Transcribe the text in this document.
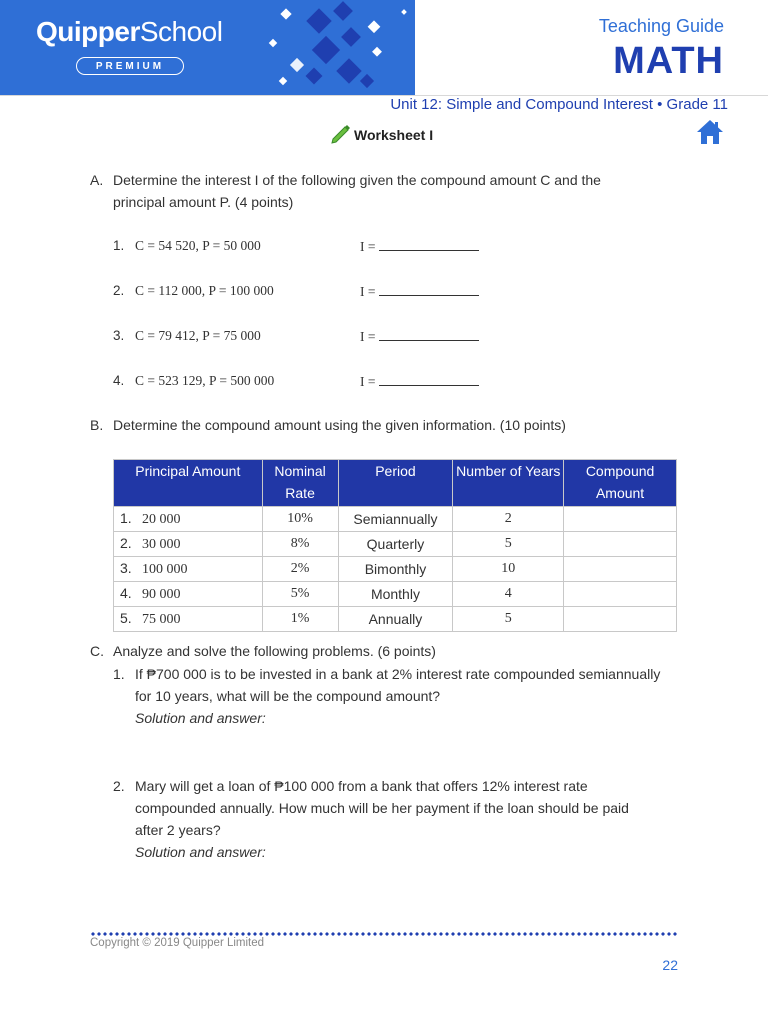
QuipperSchool
PREMIUM
Teaching Guide
MATH
Unit 12: Simple and Compound Interest • Grade 11
Worksheet I
A. Determine the interest I of the following given the compound amount C and the principal amount P. (4 points)
1. C = 54 520, P = 50 000	I =
2. C = 112 000, P = 100 000	I =
3. C = 79 412, P = 75 000	I =
4. C = 523 129, P = 500 000	I =
B. Determine the compound amount using the given information. (10 points)
Principal Amount	Nominal Rate	Period	Number of Years	Compound Amount
1. 20 000	10%	Semiannually	2	
2. 30 000	8%	Quarterly	5	
3. 100 000	2%	Bimonthly	10	
4. 90 000	5%	Monthly	4	
5. 75 000	1%	Annually	5	
C. Analyze and solve the following problems. (6 points)
1. If ₱700 000 is to be invested in a bank at 2% interest rate compounded semiannually
for 10 years, what will be the compound amount?
Solution and answer:
2. Mary will get a loan of ₱100 000 from a bank that offers 12% interest rate
compounded annually. How much will be her payment if the loan should be paid
after 2 years?
Solution and answer:
Copyright © 2019 Quipper Limited
22
